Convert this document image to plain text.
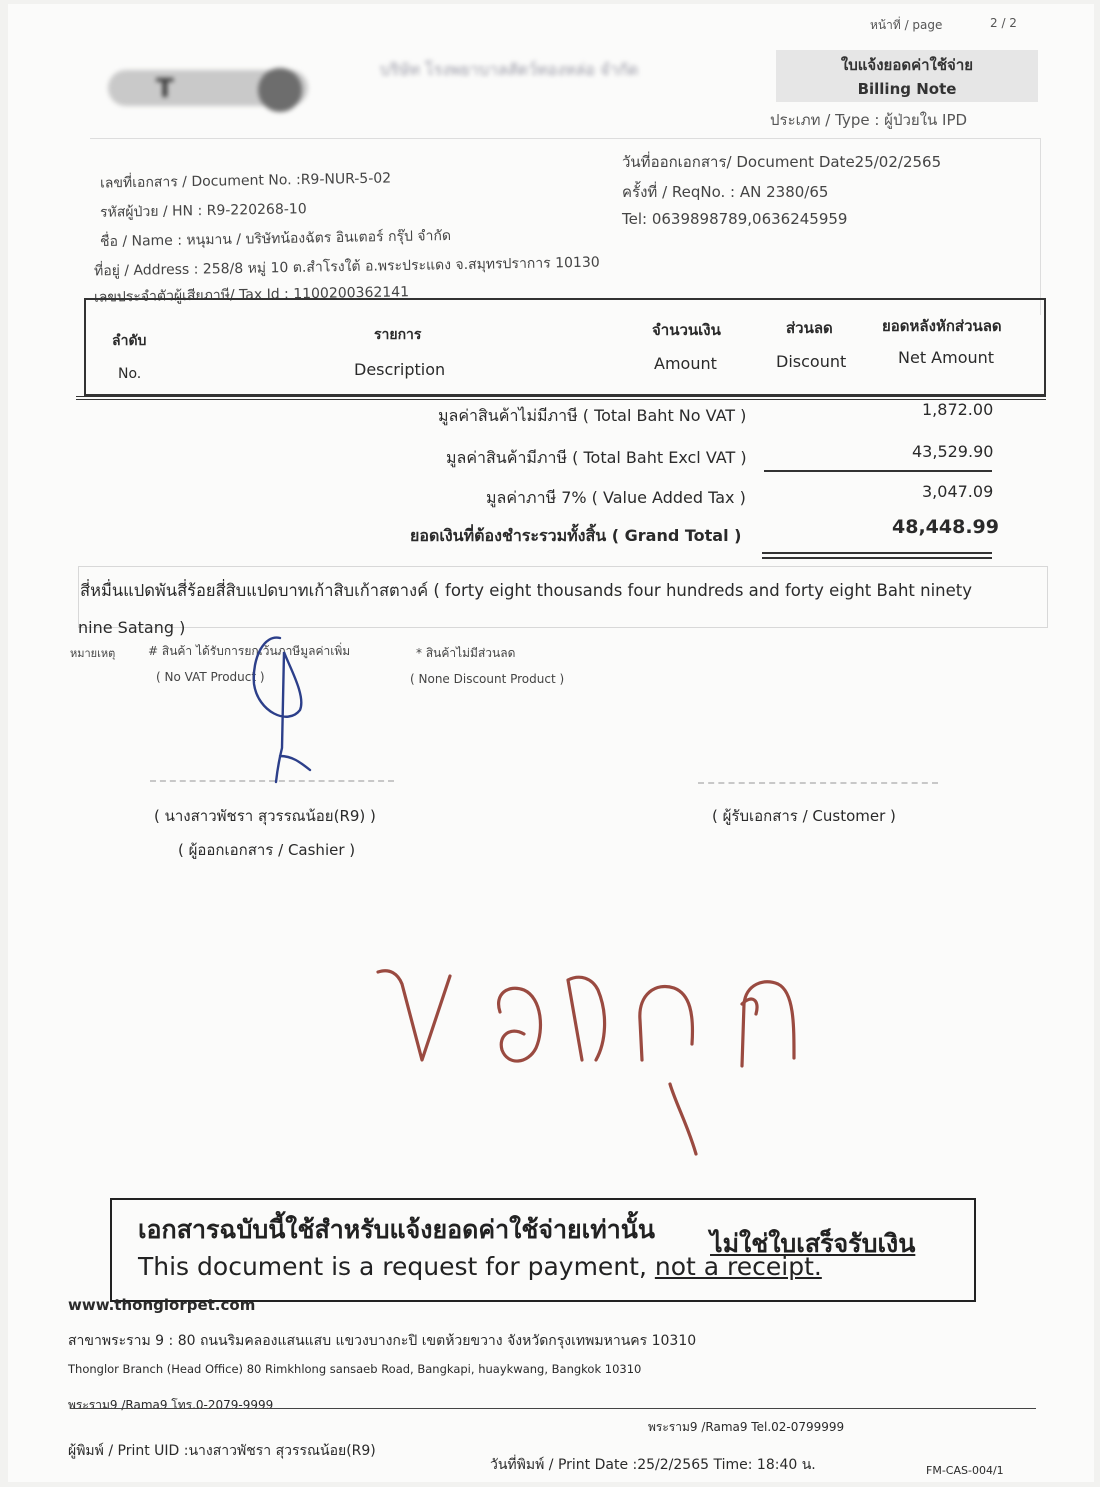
หน้าที่ / page	2 / 2
T
บริษัท โรงพยาบาลสัตว์ทองหล่อ จำกัด	ใบแจ้งยอดค่าใช้จ่าย
Billing Note
ประเภท / Type : ผู้ป่วยใน IPD
เลขที่เอกสาร / Document No. :R9-NUR-5-02
รหัสผู้ป่วย / HN : R9-220268-10
ชื่อ / Name : หนุมาน / บริษัทน้องฉัตร อินเตอร์ กรุ๊ป จำกัด
ที่อยู่ / Address : 258/8 หมู่ 10 ต.สำโรงใต้ อ.พระประแดง จ.สมุทรปราการ 10130
เลขประจำตัวผู้เสียภาษี/ Tax Id : 1100200362141
วันที่ออกเอกสาร/ Document Date25/02/2565
ครั้งที่ / ReqNo. : AN 2380/65
Tel: 0639898789,0636245959
ลำดับ
No.
รายการ
Description
จำนวนเงิน
Amount
ส่วนลด
Discount
ยอดหลังหักส่วนลด
Net Amount
มูลค่าสินค้าไม่มีภาษี ( Total Baht No VAT )	1,872.00
มูลค่าสินค้ามีภาษี ( Total Baht Excl VAT )	43,529.90
มูลค่าภาษี 7% ( Value Added Tax )	3,047.09
ยอดเงินที่ต้องชำระรวมทั้งสิ้น ( Grand Total )	48,448.99
สี่หมื่นแปดพันสี่ร้อยสี่สิบแปดบาทเก้าสิบเก้าสตางค์ ( forty eight thousands four hundreds and forty eight Baht ninety
nine Satang )
หมายเหตุ	# สินค้า ได้รับการยกเว้นภาษีมูลค่าเพิ่ม
( No VAT Product )
* สินค้าไม่มีส่วนลด
( None Discount Product )
( นางสาวพัชรา สุวรรณน้อย(R9) )
( ผู้ออกเอกสาร / Cashier )
( ผู้รับเอกสาร / Customer )
เอกสารฉบับนี้ใช้สำหรับแจ้งยอดค่าใช้จ่ายเท่านั้น ไม่ใช่ใบเสร็จรับเงิน
This document is a request for payment, not a receipt.
www.thonglorpet.com
สาขาพระราม 9 : 80 ถนนริมคลองแสนแสบ แขวงบางกะปิ เขตห้วยขวาง จังหวัดกรุงเทพมหานคร 10310
Thonglor Branch (Head Office) 80 Rimkhlong sansaeb Road, Bangkapi, huaykwang, Bangkok 10310
พระราม9 /Rama9 โทร.0-2079-9999
พระราม9 /Rama9 Tel.02-0799999
ผู้พิมพ์ / Print UID :นางสาวพัชรา สุวรรณน้อย(R9)
วันที่พิมพ์ / Print Date :25/2/2565 Time: 18:40 น.	FM-CAS-004/1
